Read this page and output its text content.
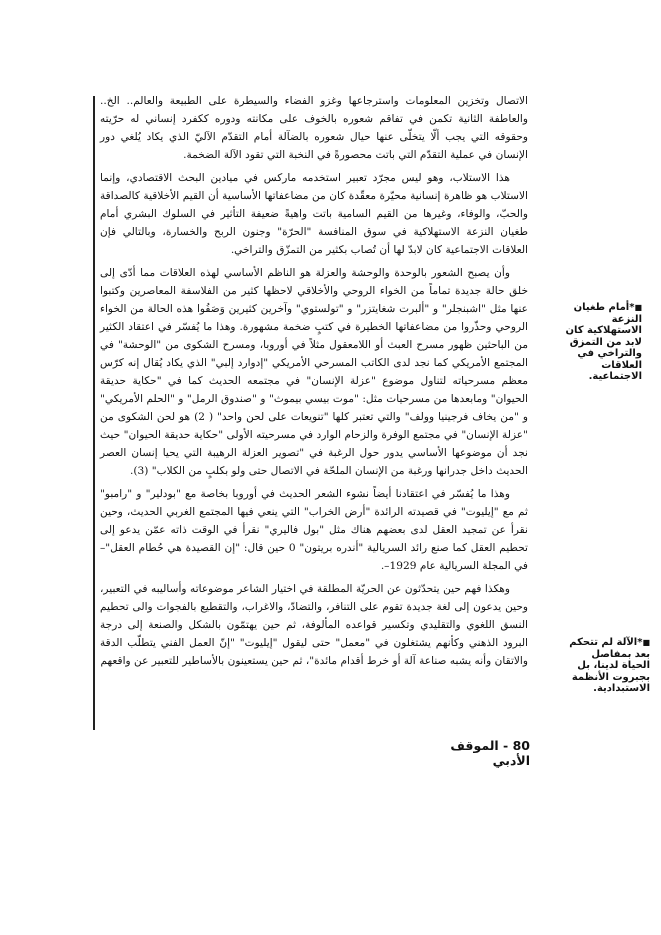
الاتصال وتخزين المعلومات واسترجاعها وغزو الفضاء والسيطرة على الطبيعة والعالم.. الخ.. والعاطفة الثانية تكمن في تفاقم شعوره بالخوف على مكانته ودوره ككفرد إنساني له حرّيته وحقوقه التي يجب ألّا يتخلّى عنها حيال شعوره بالضآلة أمام التقدّم الآليّ الذي يكاد يُلغي دور الإنسان في عملية التقدّم التي باتت محصورةً في النخبة التي تقود الآلة الضخمة.

هذا الاستلاب، وهو ليس مجرّد تعبير استخدمه ماركس في ميادين البحث الاقتصادي، وإنما الاستلاب هو ظاهرة إنسانية محيّرة معقّدة كان من مضاعفاتها الأساسية أن القيم الأخلاقية كالصداقة والحبّ، والوفاء، وغيرها من القيم السامية باتت واهيةً ضعيفة التأثير في السلوك البشري أمام طغيان النزعة الاستهلاكية في سوق المنافسة "الحرّة" وجنون الربح والخسارة، وبالتالي فإن العلاقات الاجتماعية كان لابدّ لها أن تُصاب بكثير من التمزّق والتراخي.

وأن يصبح الشعور بالوحدة والوحشة والعزلة هو الناظم الأساسي لهذه العلاقات مما أدّى إلى خلق حالة جديدة تماماً من الخواء الروحي والأخلاقي لاحظها كثير من الفلاسفة المعاصرين وكتبوا عنها مثل "اشبنجلر" و "ألبرت شغايتزر" و "تولستوي" وآخرين كثيرين وَصَفُوا هذه الحالة من الخواء الروحي وحذّروا من مضاعفاتها الخطيرة في كتبٍ ضخمة مشهورة. وهذا ما يُفسّر في اعتقاد الكثير من الباحثين ظهور مسرح العبث أو اللامعقول مثلاً في أوروبا، ومسرح الشكوى من "الوحشة" في المجتمع الأمريكي كما نجد لدى الكاتب المسرحي الأمريكي "إدوارد إلبي" الذي يكاد يُقال إنه كرّس معظم مسرحياته لتناول موضوع "عزلة الإنسان" في مجتمعه الحديث كما في "حكاية حديقة الحيوان" ومابعدها من مسرحيات مثل: "موت بيسي بيموث" و "صندوق الرمل" و "الحلم الأمريكي" و "من يخاف فرجينيا وولف" والتي تعتبر كلها "تنويعات على لحن واحد" ( 2) هو لحن الشكوى من "عزلة الإنسان" في مجتمع الوفرة والزحام الوارد في مسرحيته الأولى "حكاية حديقة الحيوان" حيث نجد أن موضوعها الأساسي يدور حول الرغبة في "تصوير العزلة الرهيبة التي يحيا إنسان العصر الحديث داخل جدرانها ورغبة من الإنسان الملحّة في الاتصال حتى ولو بكلبٍ من الكلاب" (3).

وهذا ما يُفسّر في اعتقادنا أيضاً نشوء الشعر الحديث في أوروبا بخاصة مع "بودلير" و "رامبو" ثم مع "إيليوت" في قصيدته الرائدة "أرض الخراب" التي ينعي فيها المجتمع الغربي الحديث، وحين نقرأ عن تمجيد العقل لدى بعضهم هناك مثل "بول فاليري" نقرأ في الوقت ذاته عمّن يدعو إلى تحطيم العقل كما صنع رائد السريالية "أندره بريتون" 0 حين قال: "إن القصيدة هي حُطام العقل"– في المجلة السريالية عام 1929–.

وهكذا فهم حين يتحدّثون عن الحريّة المطلقة في اختيار الشاعر موضوعاته وأساليبه في التعبير، وحين يدعون إلى لغة جديدة تقوم على التنافر، والتضادّ، والاغراب، والتقطيع بالفجوات والى تحطيم النسق اللغوي والتقليدي وتكسير قواعده المألوفة، ثم حين يهتمّون بالشكل والصنعة إلى درجة البرود الذهني وكأنهم يشتغلون في "معمل" حتى ليقول "إيليوت" "إنّ العمل الفني يتطلّب الدقة والاتقان وأنه يشبه صناعة آلة أو خرط أقدام مائدة"، ثم حين يستعينون بالأساطير للتعبير عن واقعهم

■*أمام طغيان النزعة الاستهلاكية كان لابد من التمزق والتراخي في العلاقات الاجتماعية.
■*الآلة لم تتحكم بعد بمفاصل الحياة لدينا، بل بجبروت الأنظمة الاستبدادية.
80 - الموقف الأدبي
